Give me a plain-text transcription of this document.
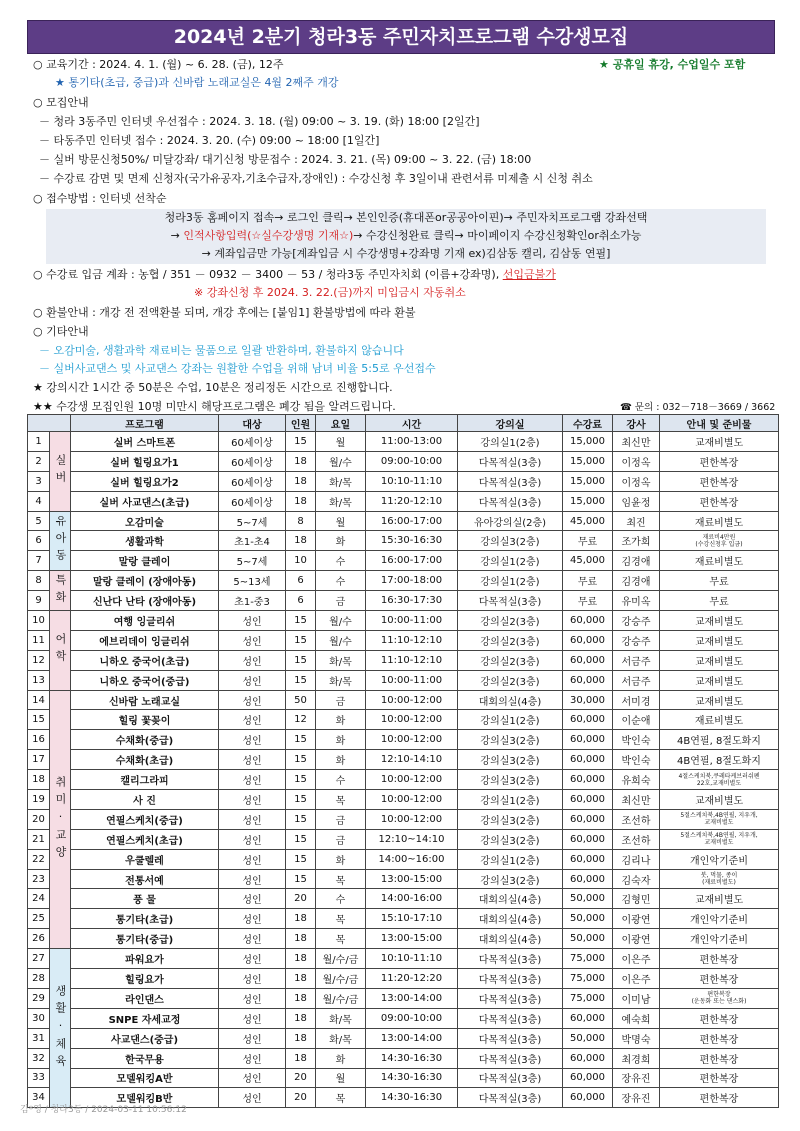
2024년 2분기 청라3동 주민자치프로그램 수강생모집
○ 교육기간 : 2024. 4. 1. (월) ~ 6. 28. (금), 12주	★ 공휴일 휴강, 수업일수 포함
★ 통기타(초급, 중급)과 신바람 노래교실은 4월 2째주 개강
○ 모집안내
－ 청라 3동주민 인터넷 우선접수 : 2024. 3. 18. (월) 09:00 ~ 3. 19. (화) 18:00 [2일간]
－ 타동주민 인터넷 접수 : 2024. 3. 20. (수) 09:00 ~ 18:00 [1일간]
－ 실버 방문신청50%/ 미달강좌/ 대기신청 방문접수 : 2024. 3. 21. (목) 09:00 ~ 3. 22. (금) 18:00
－ 수강료 감면 및 면제 신청자(국가유공자,기초수급자,장애인) : 수강신청 후 3일이내 관련서류 미제출 시 신청 취소
○ 접수방법 : 인터넷 선착순
청라3동 홈페이지 접속→ 로그인 클릭→ 본인인증(휴대폰or공공아이핀)→ 주민자치프로그램 강좌선택
→ 인적사항입력(☆실수강생명 기재☆)→ 수강신청완료 클릭→ 마이페이지 수강신청확인or취소가능
→ 계좌입금만 가능[계좌입금 시 수강생명+강좌명 기재 ex)김삼동 캘리, 김삼동 연필]
○ 수강료 입금 계좌 : 농협 / 351 － 0932 － 3400 － 53 / 청라3동 주민자치회 (이름+강좌명), 선입금불가
※ 강좌신청 후 2024. 3. 22.(금)까지 미입금시 자동취소
○ 환불안내 : 개강 전 전액환불 되며, 개강 후에는 [붙임1] 환불방법에 따라 환불
○ 기타안내
－ 오감미술, 생활과학 재료비는 물품으로 일괄 반환하며, 환불하지 않습니다
－ 실버사교댄스 및 사교댄스 강좌는 원활한 수업을 위해 남녀 비율 5:5로 우선접수
★ 강의시간 1시간 중 50분은 수업, 10분은 정리정돈 시간으로 진행합니다.
★★ 수강생 모집인원 10명 미만시 해당프로그램은 폐강 됨을 알려드립니다.	☎ 문의 : 032－718－3669 / 3662
		프로그램	대상	인원	요일	시간	강의실	수강료	강사	안내 및 준비물
1	실버	실버 스마트폰	60세이상	15	월	11:00-13:00	강의실1(2층)	15,000	최신만	교재비별도
2		실버 힐링요가1	60세이상	18	월/수	09:00-10:00	다목적실(3층)	15,000	이정옥	편한복장
3		실버 힐링요가2	60세이상	18	화/목	10:10-11:10	다목적실(3층)	15,000	이정옥	편한복장
4		실버 사교댄스(초급)	60세이상	18	화/목	11:20-12:10	다목적실(3층)	15,000	임윤정	편한복장
5	유아동	오감미술	5~7세	8	월	16:00-17:00	유아강의실(2층)	45,000	최진	재료비별도
6		생활과학	초1-초4	18	화	15:30-16:30	강의실3(2층)	무료	조가희	재료비4만원
(수강신청후 입금)
7		말랑 클레이	5~7세	10	수	16:00-17:00	강의실1(2층)	45,000	김경애	재료비별도
8	특화	말랑 클레이 (장애아동)	5~13세	6	수	17:00-18:00	강의실1(2층)	무료	김경애	무료
9		신난다 난타 (장애아동)	초1-중3	6	금	16:30-17:30	다목적실(3층)	무료	유미옥	무료
10	어학	여행 잉글리쉬	성인	15	월/수	10:00-11:00	강의실2(3층)	60,000	강승주	교재비별도
11		에브리데이 잉글리쉬	성인	15	월/수	11:10-12:10	강의실2(3층)	60,000	강승주	교재비별도
12		니하오 중국어(초급)	성인	15	화/목	11:10-12:10	강의실2(3층)	60,000	서금주	교재비별도
13		니하오 중국어(중급)	성인	15	화/목	10:00-11:00	강의실2(3층)	60,000	서금주	교재비별도
14	취미·교양	신바람 노래교실	성인	50	금	10:00-12:00	대회의실(4층)	30,000	서미경	교재비별도
15		힐링 꽃꽂이	성인	12	화	10:00-12:00	강의실1(2층)	60,000	이순애	재료비별도
16		수채화(중급)	성인	15	화	10:00-12:00	강의실3(2층)	60,000	박인숙	4B연필, 8절도화지
17		수채화(초급)	성인	15	화	12:10-14:10	강의실3(2층)	60,000	박인숙	4B연필, 8절도화지
18		캘리그라피	성인	15	수	10:00-12:00	강의실3(2층)	60,000	유희숙	4절스케치북,쿠레타케브러쉬펜
22호,교재비별도
19		사 진	성인	15	목	10:00-12:00	강의실1(2층)	60,000	최신만	교재비별도
20		연필스케치(중급)	성인	15	금	10:00-12:00	강의실3(2층)	60,000	조선하	5절스케치북,4B연필, 지우개,
교재비별도
21		연필스케치(초급)	성인	15	금	12:10~14:10	강의실3(2층)	60,000	조선하	5절스케치북,4B연필, 지우개,
교재비별도
22		우쿨렐레	성인	15	화	14:00~16:00	강의실1(2층)	60,000	김리나	개인악기준비
23		전통서예	성인	15	목	13:00-15:00	강의실3(2층)	60,000	김숙자	붓, 먹물, 종이
(재료비별도)
24		풍 물	성인	20	수	14:00-16:00	대회의실(4층)	50,000	김형민	교재비별도
25		통기타(초급)	성인	18	목	15:10-17:10	대회의실(4층)	50,000	이광연	개인악기준비
26		통기타(중급)	성인	18	목	13:00-15:00	대회의실(4층)	50,000	이광연	개인악기준비
27	생활·체육	파워요가	성인	18	월/수/금	10:10-11:10	다목적실(3층)	75,000	이은주	편한복장
28		힐링요가	성인	18	월/수/금	11:20-12:20	다목적실(3층)	75,000	이은주	편한복장
29		라인댄스	성인	18	월/수/금	13:00-14:00	다목적실(3층)	75,000	이미남	편한복장
(운동화 또는 댄스화)
30		SNPE 자세교정	성인	18	화/목	09:00-10:00	다목적실(3층)	60,000	예숙희	편한복장
31		사교댄스(중급)	성인	18	화/목	13:00-14:00	다목적실(3층)	50,000	박명숙	편한복장
32		한국무용	성인	18	화	14:30-16:30	다목적실(3층)	60,000	최경희	편한복장
33		모델워킹A반	성인	20	월	14:30-16:30	다목적실(3층)	60,000	장유진	편한복장
34		모델워킹B반	성인	20	목	14:30-16:30	다목적실(3층)	60,000	장유진	편한복장
김*영 / 청라3동 / 2024-03-11 10:56:12
